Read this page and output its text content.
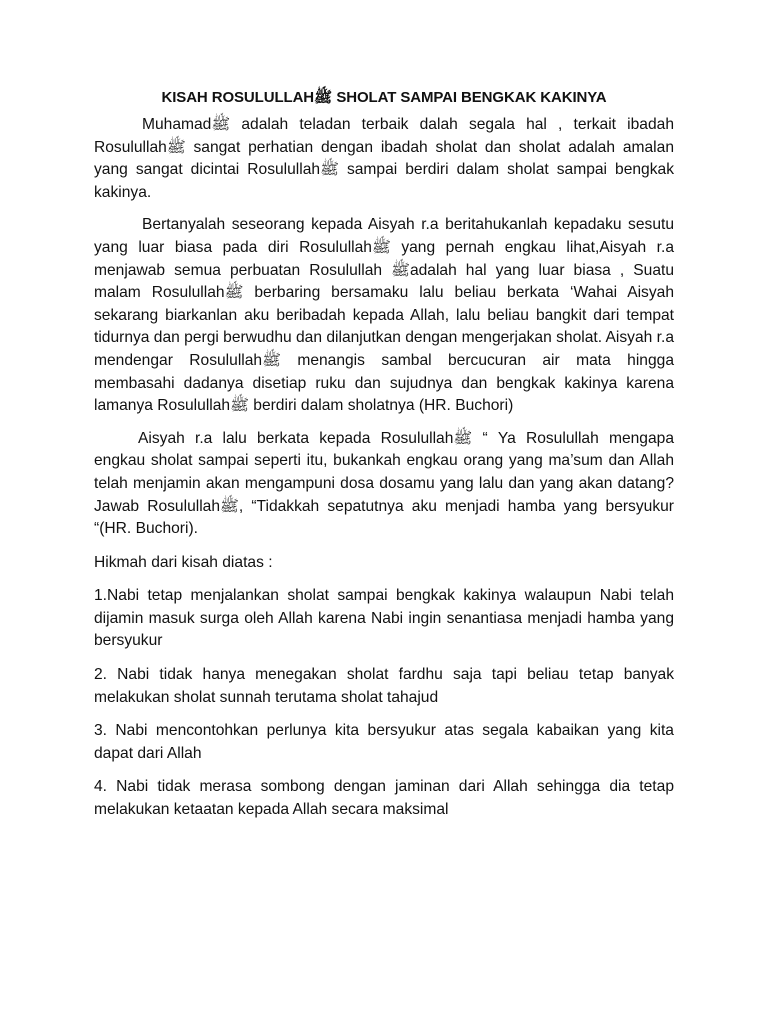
KISAH ROSULULLAHﷺ SHOLAT SAMPAI BENGKAK KAKINYA

Muhamadﷺ adalah teladan terbaik dalah segala hal , terkait ibadah Rosulullahﷺ sangat perhatian dengan ibadah sholat dan sholat adalah amalan yang sangat dicintai Rosulullahﷺ sampai berdiri dalam sholat sampai bengkak kakinya.

Bertanyalah seseorang kepada Aisyah r.a beritahukanlah kepadaku sesutu yang luar biasa pada diri Rosulullahﷺ yang pernah engkau lihat,Aisyah r.a menjawab semua perbuatan Rosulullah ﷺadalah hal yang luar biasa , Suatu malam Rosulullahﷺ berbaring bersamaku lalu beliau berkata ‘Wahai Aisyah sekarang biarkanlan aku beribadah kepada Allah, lalu beliau bangkit dari tempat tidurnya dan pergi berwudhu dan dilanjutkan dengan mengerjakan sholat. Aisyah r.a mendengar Rosulullahﷺ menangis sambal bercucuran air mata hingga membasahi dadanya disetiap ruku dan sujudnya dan bengkak kakinya karena lamanya Rosulullahﷺ berdiri dalam sholatnya (HR. Buchori)

Aisyah r.a lalu berkata kepada Rosulullahﷺ “ Ya Rosulullah mengapa engkau sholat sampai seperti itu, bukankah engkau orang yang ma’sum dan Allah telah menjamin akan mengampuni dosa dosamu yang lalu dan yang akan datang?Jawab Rosulullahﷺ, “Tidakkah sepatutnya aku menjadi hamba yang bersyukur “(HR. Buchori).

Hikmah dari kisah diatas :

1.Nabi tetap menjalankan sholat sampai bengkak kakinya walaupun Nabi telah dijamin masuk surga oleh Allah karena Nabi ingin senantiasa menjadi hamba yang bersyukur

2. Nabi tidak hanya menegakan sholat fardhu saja tapi beliau tetap banyak melakukan sholat sunnah terutama sholat tahajud

3. Nabi mencontohkan perlunya kita bersyukur atas segala kabaikan yang kita dapat dari Allah

4. Nabi tidak merasa sombong dengan jaminan dari Allah sehingga dia tetap melakukan ketaatan kepada Allah secara maksimal
